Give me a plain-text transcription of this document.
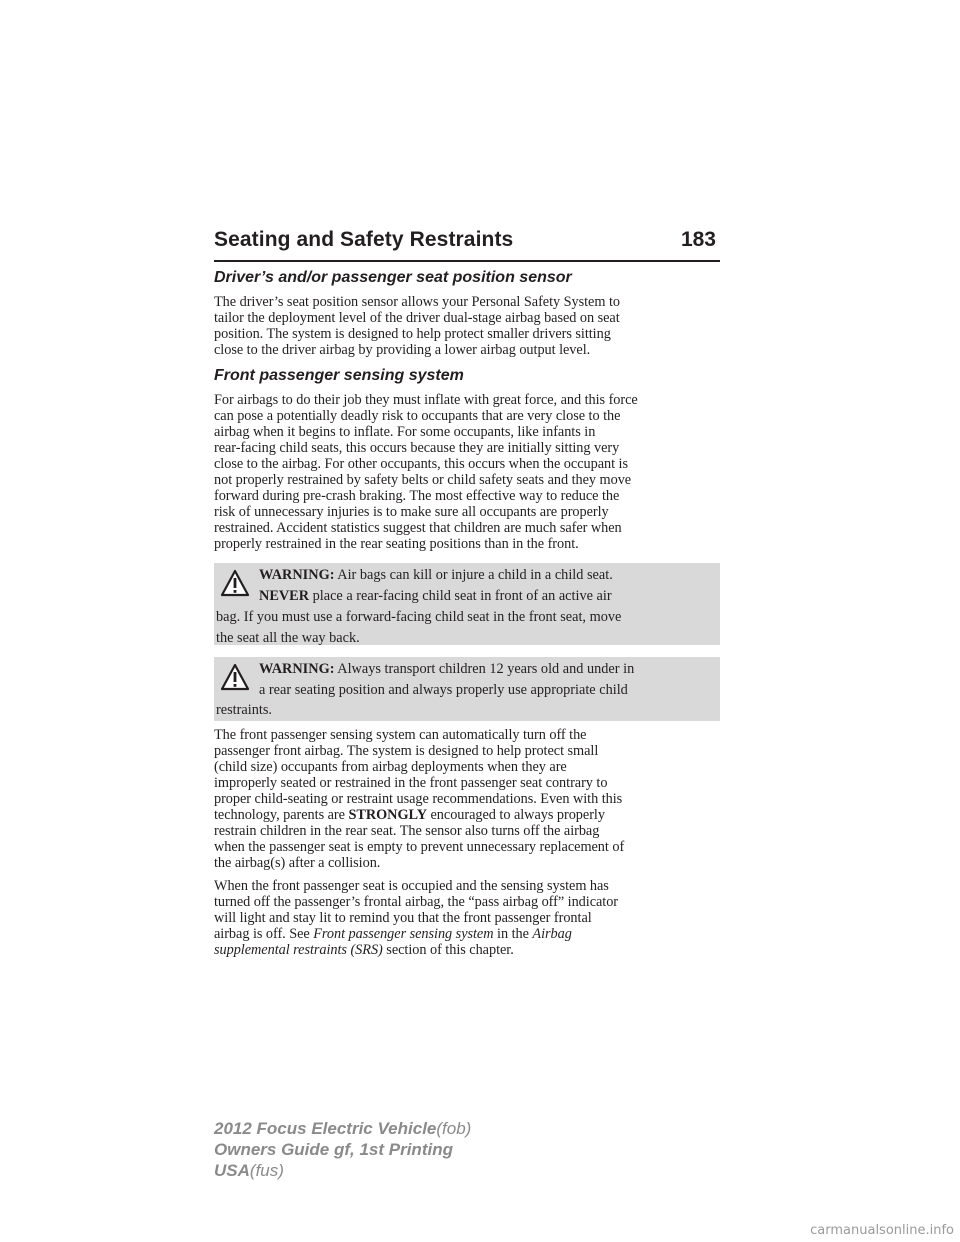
Seating and Safety Restraints	183
Driver’s and/or passenger seat position sensor

The driver’s seat position sensor allows your Personal Safety System to
tailor the deployment level of the driver dual-stage airbag based on seat
position. The system is designed to help protect smaller drivers sitting
close to the driver airbag by providing a lower airbag output level.

Front passenger sensing system

For airbags to do their job they must inflate with great force, and this force
can pose a potentially deadly risk to occupants that are very close to the
airbag when it begins to inflate. For some occupants, like infants in
rear-facing child seats, this occurs because they are initially sitting very
close to the airbag. For other occupants, this occurs when the occupant is
not properly restrained by safety belts or child safety seats and they move
forward during pre-crash braking. The most effective way to reduce the
risk of unnecessary injuries is to make sure all occupants are properly
restrained. Accident statistics suggest that children are much safer when
properly restrained in the rear seating positions than in the front.

WARNING: Air bags can kill or injure a child in a child seat.
NEVER place a rear-facing child seat in front of an active air
bag. If you must use a forward-facing child seat in the front seat, move
the seat all the way back.
WARNING: Always transport children 12 years old and under in
a rear seating position and always properly use appropriate child
restraints.

The front passenger sensing system can automatically turn off the
passenger front airbag. The system is designed to help protect small
(child size) occupants from airbag deployments when they are
improperly seated or restrained in the front passenger seat contrary to
proper child-seating or restraint usage recommendations. Even with this
technology, parents are STRONGLY encouraged to always properly
restrain children in the rear seat. The sensor also turns off the airbag
when the passenger seat is empty to prevent unnecessary replacement of
the airbag(s) after a collision.

When the front passenger seat is occupied and the sensing system has
turned off the passenger’s frontal airbag, the “pass airbag off” indicator
will light and stay lit to remind you that the front passenger frontal
airbag is off. See Front passenger sensing system in the Airbag
supplemental restraints (SRS) section of this chapter.

2012 Focus Electric Vehicle(fob)
Owners Guide gf, 1st Printing
USA(fus)
carmanualsonline.info
